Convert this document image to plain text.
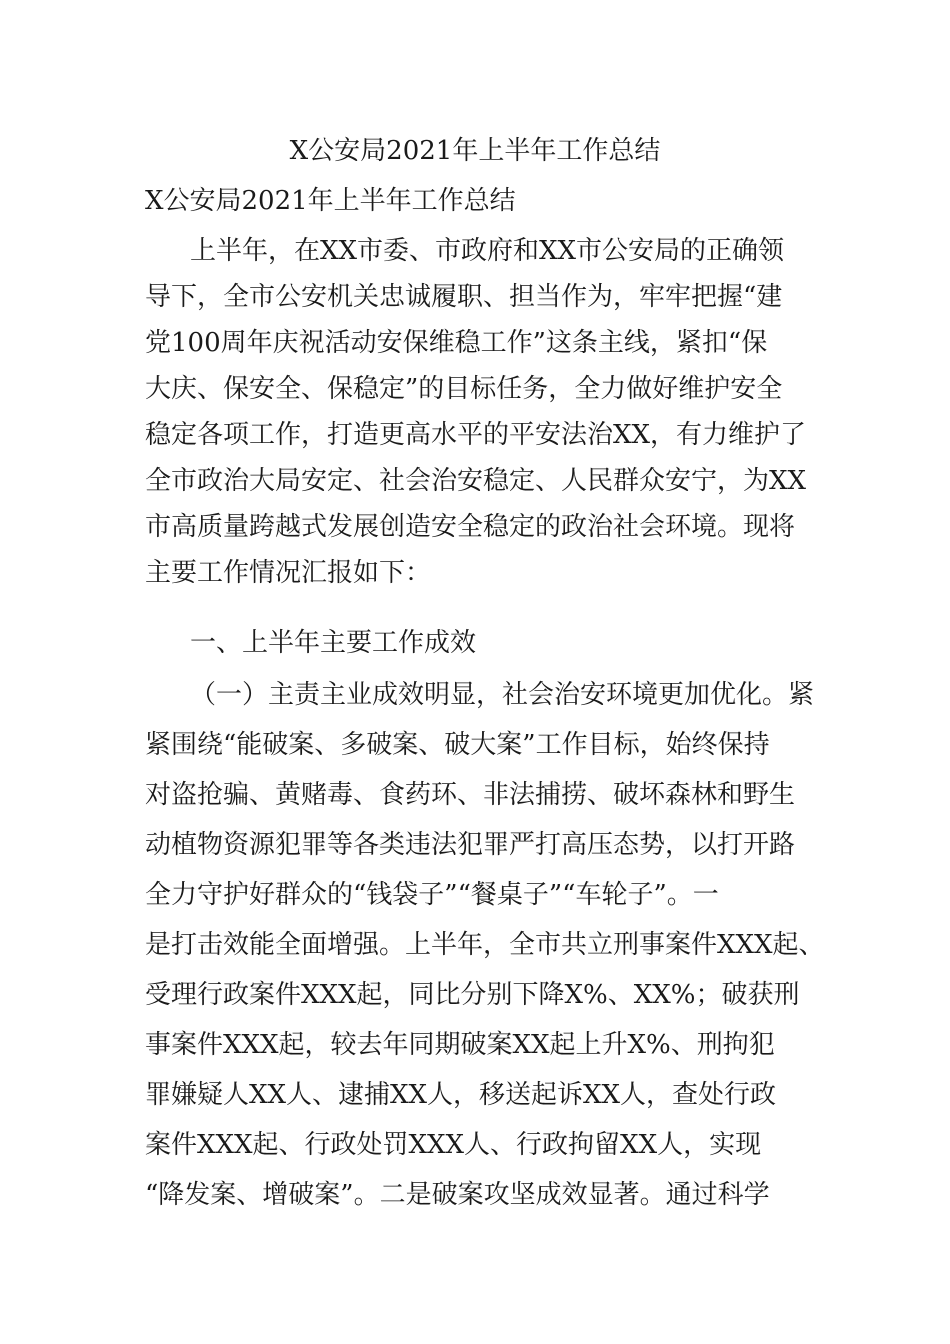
X公安局2021年上半年工作总结
X公安局2021年上半年工作总结

上半年，在XX市委、市政府和XX市公安局的正确领

导下，全市公安机关忠诚履职、担当作为，牢牢把握“建

党100周年庆祝活动安保维稳工作”这条主线，紧扣“保

大庆、保安全、保稳定”的目标任务，全力做好维护安全

稳定各项工作，打造更高水平的平安法治XX，有力维护了

全市政治大局安定、社会治安稳定、人民群众安宁，为XX

市高质量跨越式发展创造安全稳定的政治社会环境。现将

主要工作情况汇报如下：

一、上半年主要工作成效

（一）主责主业成效明显，社会治安环境更加优化。紧

紧围绕“能破案、多破案、破大案”工作目标，始终保持

对盗抢骗、黄赌毒、食药环、非法捕捞、破坏森林和野生

动植物资源犯罪等各类违法犯罪严打高压态势，以打开路

全力守护好群众的“钱袋子”“餐桌子”“车轮子”。一

是打击效能全面增强。上半年，全市共立刑事案件XXX起、

受理行政案件XXX起，同比分别下降X%、XX%；破获刑

事案件XXX起，较去年同期破案XX起上升X%、刑拘犯

罪嫌疑人XX人、逮捕XX人，移送起诉XX人，查处行政

案件XXX起、行政处罚XXX人、行政拘留XX人，实现

“降发案、增破案”。二是破案攻坚成效显著。通过科学
